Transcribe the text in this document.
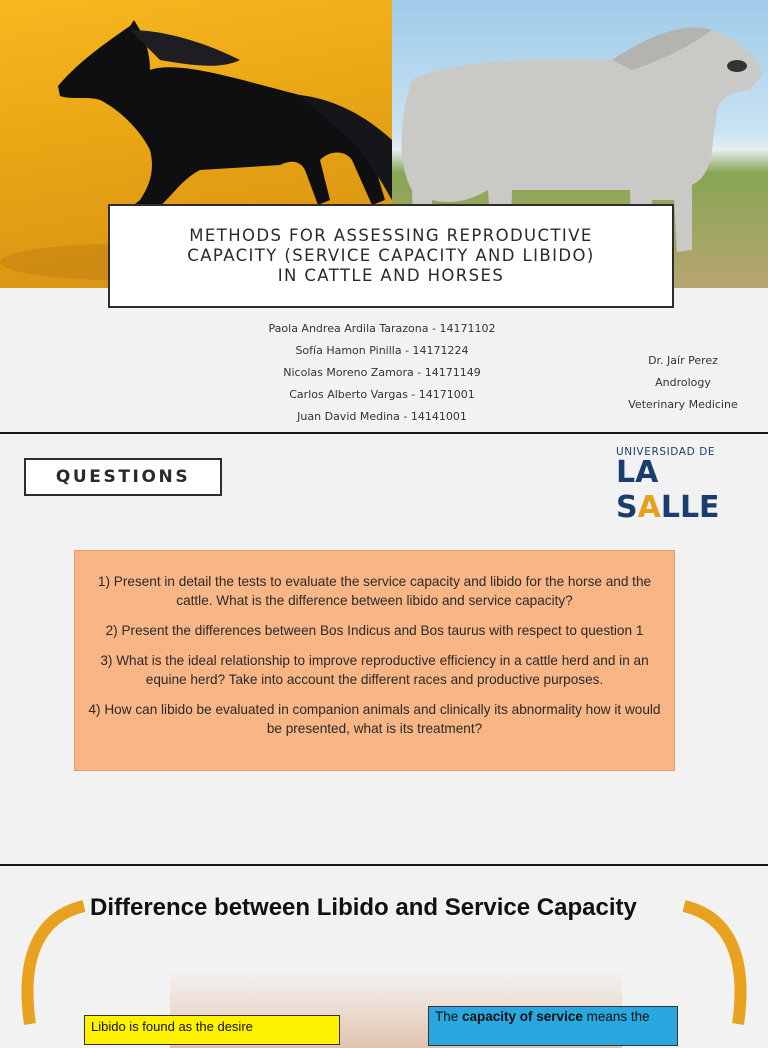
METHODS FOR ASSESSING REPRODUCTIVE
CAPACITY (SERVICE CAPACITY AND LIBIDO)
IN CATTLE AND HORSES
Paola Andrea Ardila Tarazona - 14171102
Sofía Hamon Pinilla - 14171224
Nicolas Moreno Zamora - 14171149
Carlos Alberto Vargas - 14171001
Juan David Medina - 14141001
Dr. Jaír Perez
Andrology
Veterinary Medicine
QUESTIONS
UNIVERSIDAD DE
LA SALLE

1) Present in detail the tests to evaluate the service capacity and libido for the horse and the cattle. What is the difference between libido and service capacity?

2) Present the differences between Bos Indicus and Bos taurus with respect to question 1

3) What is the ideal relationship to improve reproductive efficiency in a cattle herd and in an equine herd? Take into account the different races and productive purposes.

4) How can libido be evaluated in companion animals and clinically its abnormality how it would be presented, what is its treatment?

Difference between Libido and Service Capacity
Libido is found as the desire
The capacity of service means the
